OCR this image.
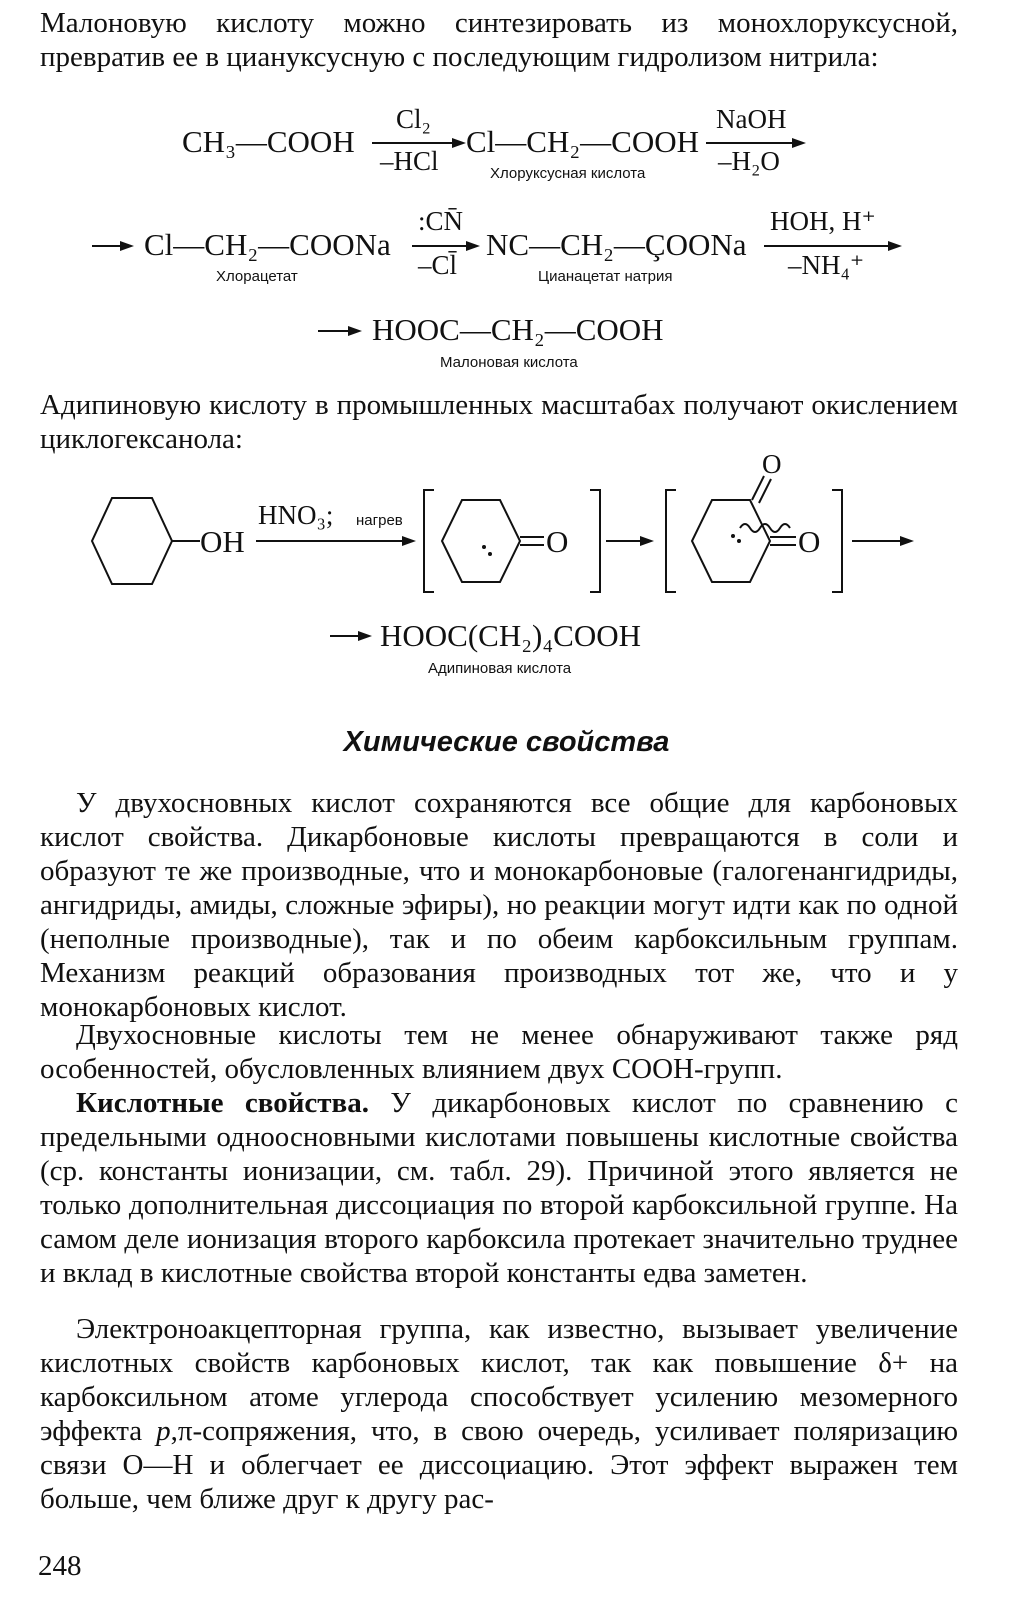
Малоновую кислоту можно синтезировать из монохлоруксусной, превратив ее в циануксусную с последующим гидролизом нитрила:

CH₃—COOH
Cl₂
–HCl
Cl—CH₂—COOH
Хлоруксусная кислота
NaOH
–H₂O
Cl—CH₂—COONa
Хлорацетат
:CN̄
–Cl̄
NC—CH₂—ÇOONa
Цианацетат натрия
HOH, H⁺
–NH₄⁺
HOOC—CH₂—COOH
Малоновая кислота

Адипиновую кислоту в промышленных масштабах получают окислением циклогексанола:

OH
HNO₃; нагрев
O
O
O
HOOC(CH₂)₄COOH
Адипиновая кислота
Химические свойства

У двухосновных кислот сохраняются все общие для карбоновых кислот свойства. Дикарбоновые кислоты превращаются в соли и образуют те же производные, что и монокарбоновые (галогенангидриды, ангидриды, амиды, сложные эфиры), но реакции могут идти как по одной (неполные производные), так и по обеим карбоксильным группам. Механизм реакций образования производных тот же, что и у монокарбоновых кислот.

Двухосновные кислоты тем не менее обнаруживают также ряд особенностей, обусловленных влиянием двух COOH-групп.

Кислотные свойства. У дикарбоновых кислот по сравнению с предельными одноосновными кислотами повышены кислотные свойства (ср. константы ионизации, см. табл. 29). Причиной этого является не только дополнительная диссоциация по второй карбоксильной группе. На самом деле ионизация второго карбоксила протекает значительно труднее и вклад в кислотные свойства второй константы едва заметен.

Электроноакцепторная группа, как известно, вызывает увеличение кислотных свойств карбоновых кислот, так как повышение δ+ на карбоксильном атоме углерода способствует усилению мезомерного эффекта p,π-сопряжения, что, в свою очередь, усиливает поляризацию связи O—H и облегчает ее диссоциацию. Этот эффект выражен тем больше, чем ближе друг к другу рас-

248
